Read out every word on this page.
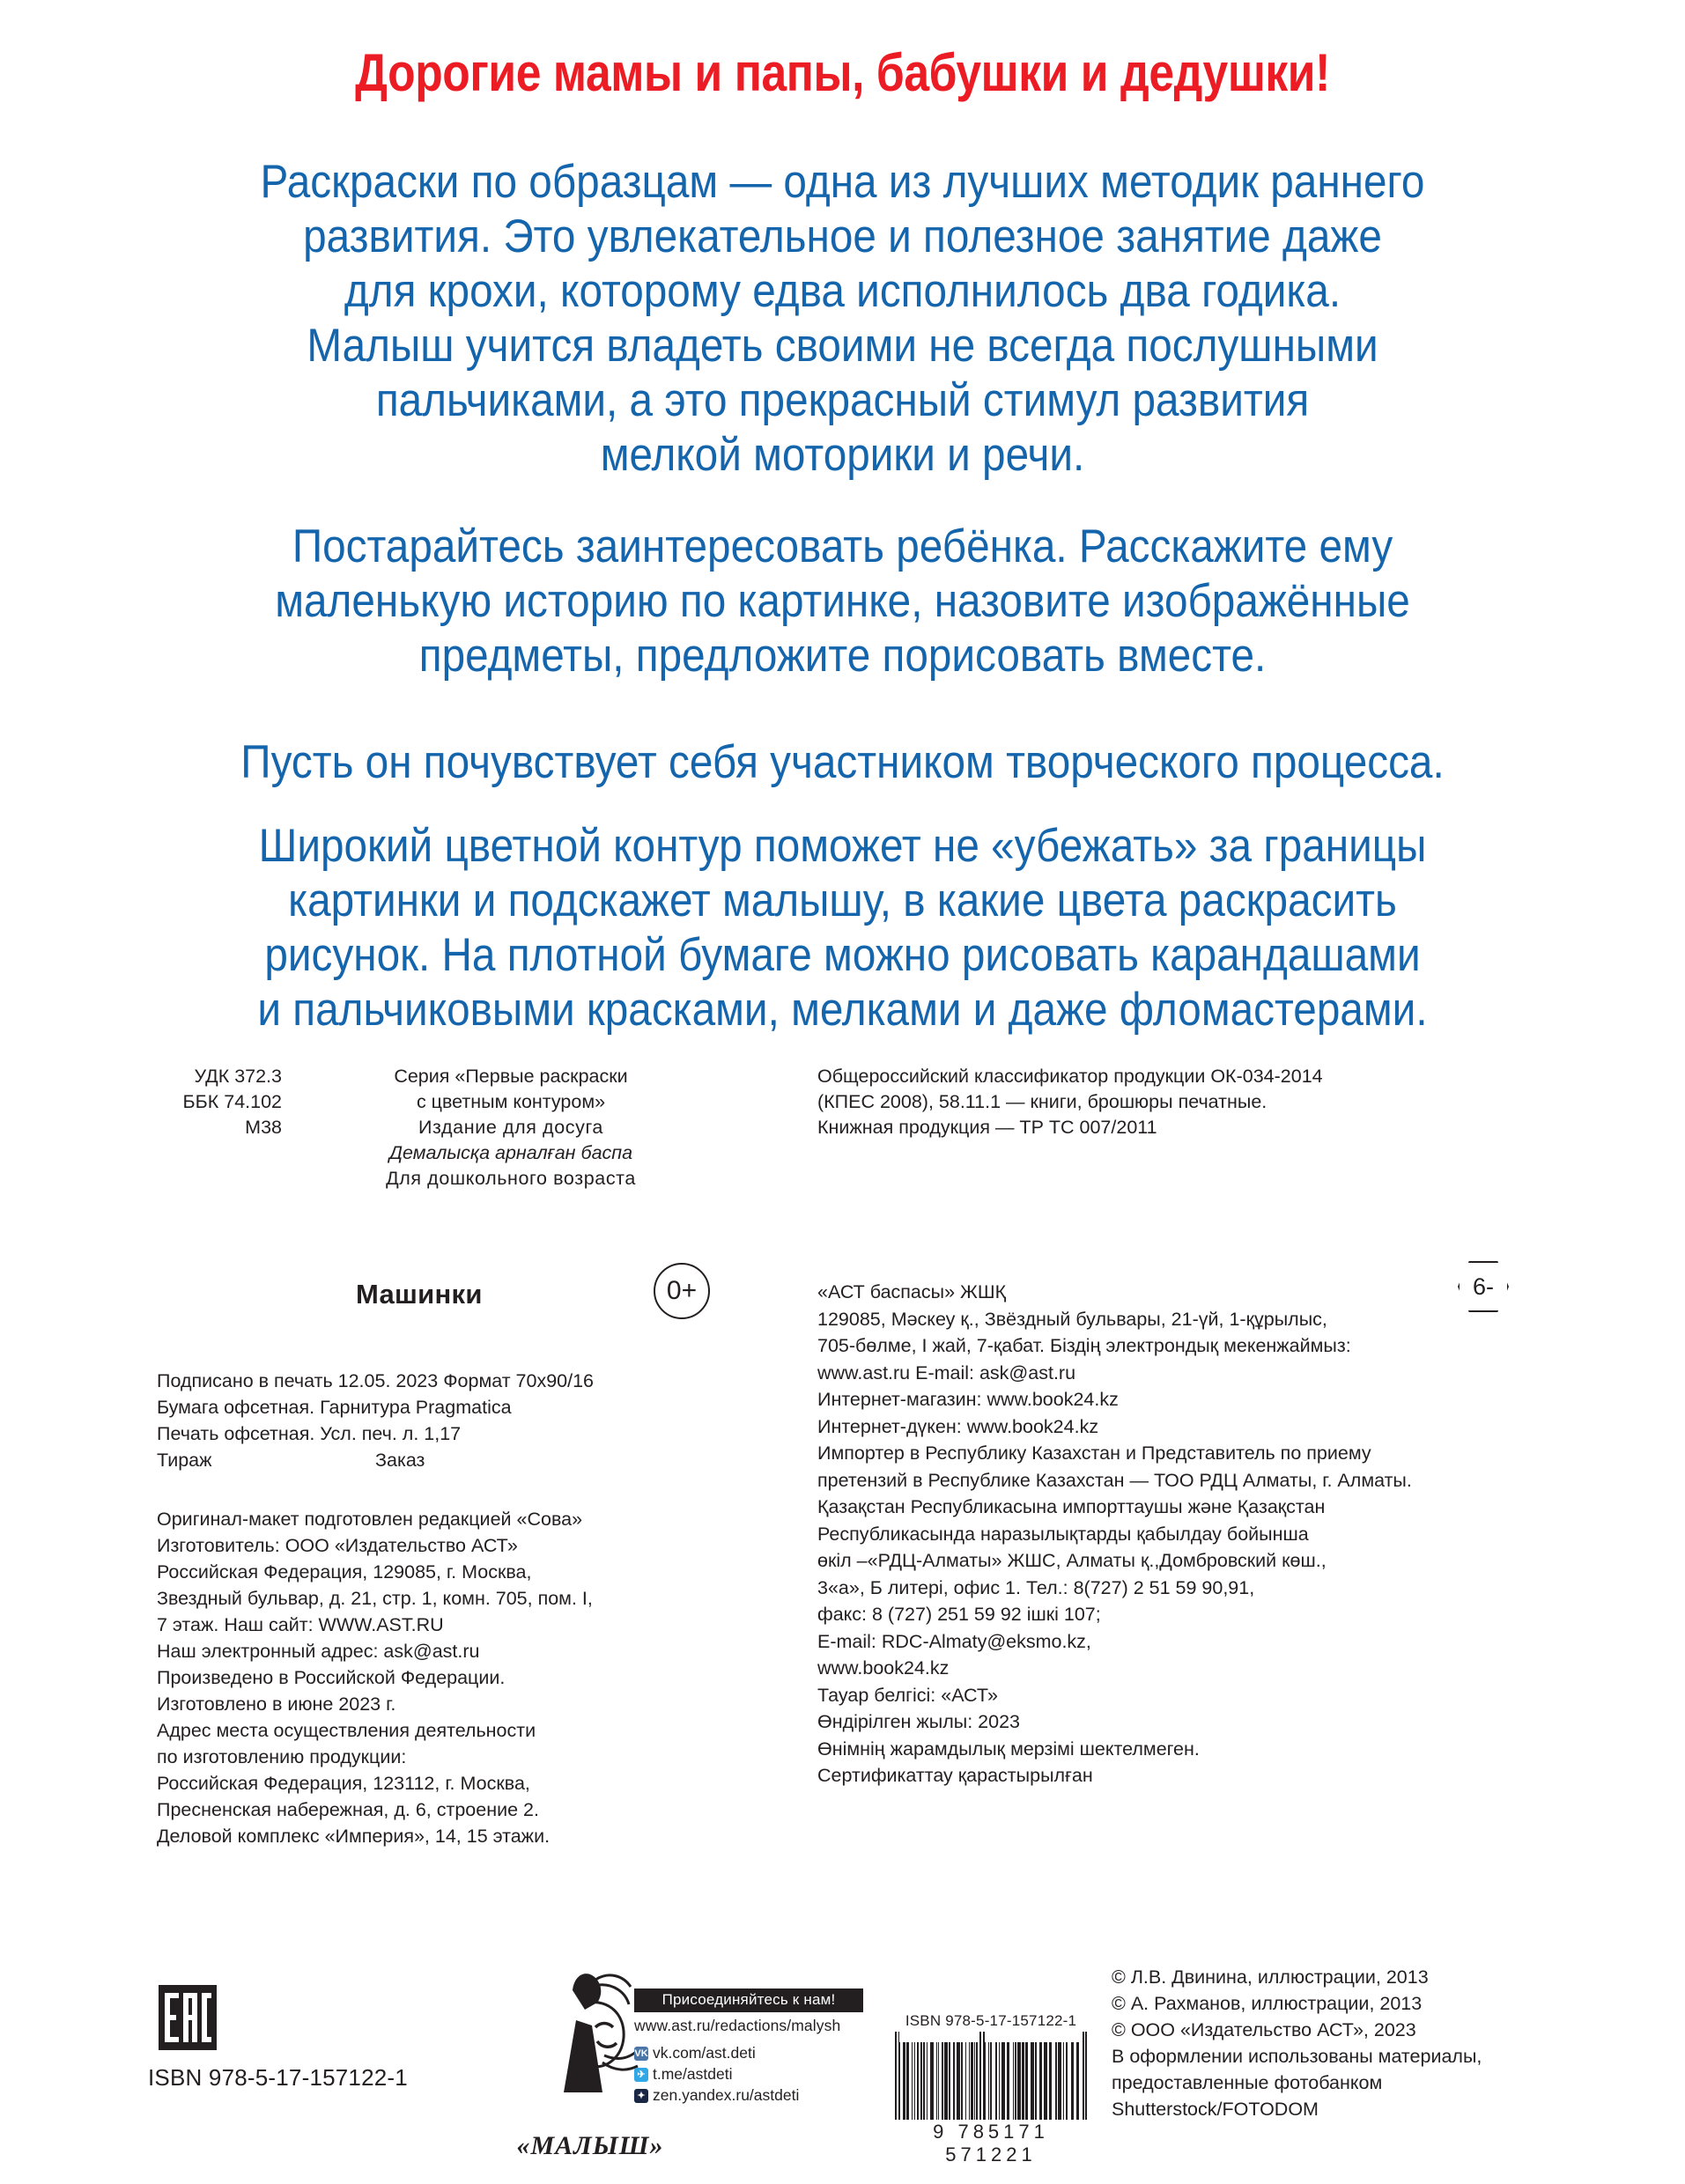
Дорогие мамы и папы, бабушки и дедушки!
Раскраски по образцам — одна из лучших методик раннего
развития. Это увлекательное и полезное занятие даже
для крохи, которому едва исполнилось два годика.
Малыш учится владеть своими не всегда послушными
пальчиками, а это прекрасный стимул развития
мелкой моторики и речи.
Постарайтесь заинтересовать ребёнка. Расскажите ему
маленькую историю по картинке, назовите изображённые
предметы, предложите порисовать вместе.
Пусть он почувствует себя участником творческого процесса.
Широкий цветной контур поможет не «убежать» за границы
картинки и подскажет малышу, в какие цвета раскрасить
рисунок. На плотной бумаге можно рисовать карандашами
и пальчиковыми красками, мелками и даже фломастерами.
УДК 372.3
ББК 74.102
М38
Серия «Первые раскраски
с цветным контуром»
Издание для досуга
Демалысқа арналған баспа
Для дошкольного возраста
Общероссийский классификатор продукции ОК-034-2014
(КПЕС 2008), 58.11.1 — книги, брошюры печатные.
Книжная продукция — ТР ТС 007/2011
Машинки	0+	6-
Подписано в печать 12.05. 2023 Формат 70x90/16
Бумага офсетная. Гарнитура Pragmatica
Печать офсетная. Усл. печ. л. 1,17
Тираж	Заказ
Оригинал-макет подготовлен редакцией «Сова»
Изготовитель: ООО «Издательство АСТ»
Российская Федерация, 129085, г. Москва,
Звездный бульвар, д. 21, стр. 1, комн. 705, пом. I,
7 этаж. Наш сайт: WWW.AST.RU
Наш электронный адрес: ask@ast.ru
Произведено в Российской Федерации.
Изготовлено в июне 2023 г.
Адрес места осуществления деятельности
по изготовлению продукции:
Российская Федерация, 123112, г. Москва,
Пресненская набережная, д. 6, строение 2.
Деловой комплекс «Империя», 14, 15 этажи.
«АСТ баспасы» ЖШҚ
129085, Мәскеу қ., Звёздный бульвары, 21-үй, 1-құрылыс,
705-бөлме, I жай, 7-қабат. Біздің электрондық мекенжаймыз:
www.ast.ru E-mail: ask@ast.ru
Интернет-магазин: www.book24.kz
Интернет-дүкен: www.book24.kz
Импортер в Республику Казахстан и Представитель по приему
претензий в Республике Казахстан — ТОО РДЦ Алматы, г. Алматы.
Қазақстан Республикасына импорттаушы және Қазақстан
Республикасында наразылықтарды қабылдау бойынша
өкіл –«РДЦ-Алматы» ЖШС, Алматы қ.,Домбровский көш.,
3«а», Б литері, офис 1. Тел.: 8(727) 2 51 59 90,91,
факс: 8 (727) 251 59 92 ішкі 107;
E-mail: RDC-Almaty@eksmo.kz,
www.book24.kz
Тауар белгісі: «АСТ»
Өндірілген жылы: 2023
Өнімнің жарамдылық мерзімі шектелмеген.
Сертификаттау қарастырылған
ISBN 978-5-17-157122-1
«МАЛЫШ»
Присоединяйтесь к нам!
www.ast.ru/redactions/malysh
VK vk.com/ast.deti
✈ t.me/astdeti
✦ zen.yandex.ru/astdeti
ISBN 978-5-17-157122-1
9 785171 571221
© Л.В. Двинина, иллюстрации, 2013
© А. Рахманов, иллюстрации, 2013
© ООО «Издательство АСТ», 2023
В оформлении использованы материалы,
предоставленные фотобанком
Shutterstock/FOTODOM
